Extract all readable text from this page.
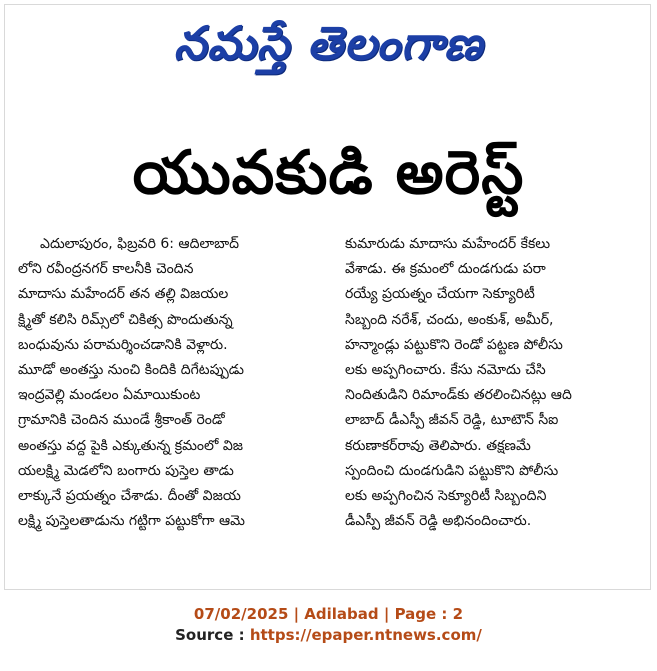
నమస్తే తెలంగాణ
యువకుడి అరెస్ట్
ఎదులాపురం, ఫిబ్రవరి 6: ఆదిలాబాద్
లోని రవీంద్రనగర్ కాలనీకి చెందిన
మాదాసు మహేందర్ తన తల్లి విజయల
క్ష్మితో కలిసి రిమ్స్‌లో చికిత్స పొందుతున్న
బంధువును పరామర్శించడానికి వెళ్లారు.
మూడో అంతస్తు నుంచి కిందికి దిగేటప్పుడు
ఇంద్రవెల్లి మండలం ఏమాయికుంట
గ్రామానికి చెందిన ముండే శ్రీకాంత్ రెండో
అంతస్తు వద్ద పైకి ఎక్కుతున్న క్రమంలో విజ
యలక్ష్మి మెడలోని బంగారు పుస్తెల తాడు
లాక్కునే ప్రయత్నం చేశాడు. దీంతో విజయ
లక్ష్మి పుస్తెలతాడును గట్టిగా పట్టుకోగా ఆమె
కుమారుడు మాదాసు మహేందర్ కేకలు
వేశాడు. ఈ క్రమంలో దుండగుడు పరా
రయ్యే ప్రయత్నం చేయగా సెక్యూరిటీ
సిబ్బంది నరేశ్, చందు, అంకుశ్, అమీర్,
హన్మాండ్లు పట్టుకొని రెండో పట్టణ పోలీసు
లకు అప్పగించారు. కేసు నమోదు చేసి
నిందితుడిని రిమాండ్‌కు తరలించినట్లు ఆది
లాబాద్ డీఎస్పీ జీవన్ రెడ్డి, టూటౌన్ సీఐ
కరుణాకర్‌రావు తెలిపారు. తక్షణమే
స్పందించి దుండగుడిని పట్టుకొని పోలీసు
లకు అప్పగించిన సెక్యూరిటీ సిబ్బందిని
డీఎస్పీ జీవన్ రెడ్డి అభినందించారు.
07/02/2025 | Adilabad | Page : 2
Source : https://epaper.ntnews.com/
